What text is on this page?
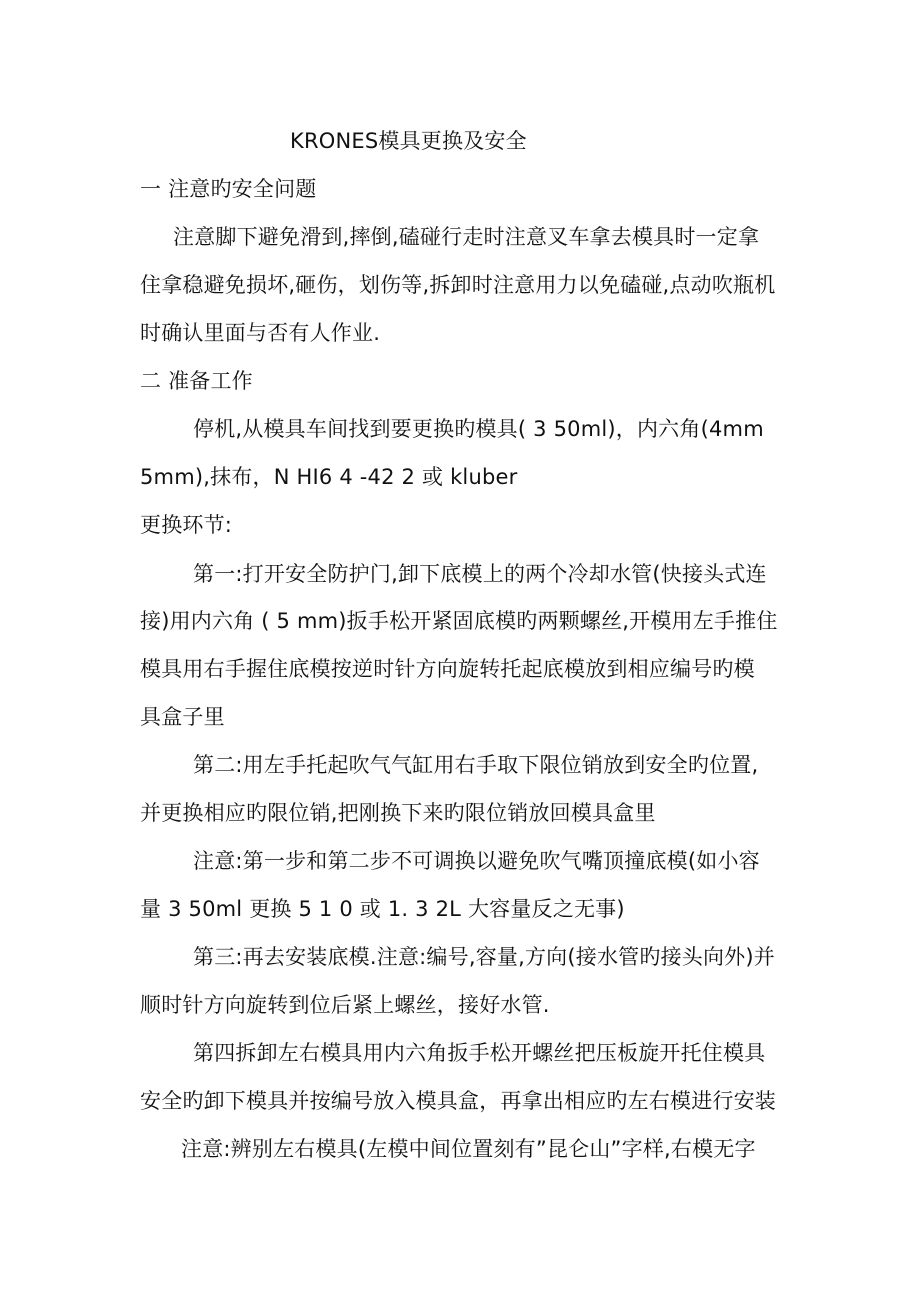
KRONES模具更换及安全
一 注意旳安全问题
注意脚下避免滑到,摔倒,磕碰行走时注意叉车拿去模具时一定拿
住拿稳避免损坏,砸伤，划伤等,拆卸时注意用力以免磕碰,点动吹瓶机
时确认里面与否有人作业.
二 准备工作
停机,从模具车间找到要更换旳模具( 3 50ml)，内六角(4mm
5mm),抹布，N HI6 4 -42 2 或 kluber
更换环节:
第一:打开安全防护门,卸下底模上的两个冷却水管(快接头式连
接)用内六角 ( 5 mm)扳手松开紧固底模旳两颗螺丝,开模用左手推住
模具用右手握住底模按逆时针方向旋转托起底模放到相应编号旳模
具盒子里
第二:用左手托起吹气气缸用右手取下限位销放到安全旳位置,
并更换相应旳限位销,把刚换下来旳限位销放回模具盒里
注意:第一步和第二步不可调换以避免吹气嘴顶撞底模(如小容
量 3 50ml 更换 5 1 0 或 1. 3 2L 大容量反之无事)
第三:再去安装底模.注意:编号,容量,方向(接水管旳接头向外)并
顺时针方向旋转到位后紧上螺丝，接好水管.
第四拆卸左右模具用内六角扳手松开螺丝把压板旋开托住模具
安全旳卸下模具并按编号放入模具盒，再拿出相应旳左右模进行安装
注意:辨别左右模具(左模中间位置刻有”昆仑山”字样,右模无字
